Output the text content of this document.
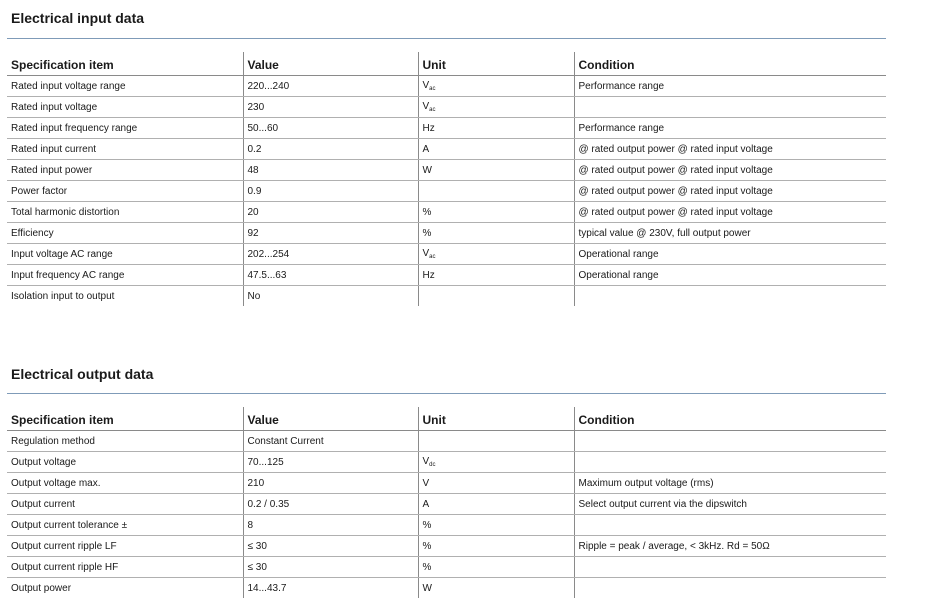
Electrical input data
Specification item	Value	Unit	Condition
Rated input voltage range	220...240	$V_{ac}$	Performance range
Rated input voltage	230	$V_{ac}$	
Rated input frequency range	50...60	Hz	Performance range
Rated input current	0.2	A	@ rated output power @ rated input voltage
Rated input power	48	W	@ rated output power @ rated input voltage
Power factor	0.9		@ rated output power @ rated input voltage
Total harmonic distortion	20	%	@ rated output power @ rated input voltage
Efficiency	92	%	typical value @ 230V, full output power
Input voltage AC range	202...254	$V_{ac}$	Operational range
Input frequency AC range	47.5...63	Hz	Operational range
Isolation input to output	No		
Electrical output data
Specification item	Value	Unit	Condition
Regulation method	Constant Current		
Output voltage	70...125	$V_{dc}$	
Output voltage max.	210	V	Maximum output voltage (rms)
Output current	0.2 / 0.35	A	Select output current via the dipswitch
Output current tolerance ±	8	%	
Output current ripple LF	≤ 30	%	Ripple = peak / average, < 3kHz. Rd = 50Ω
Output current ripple HF	≤ 30	%	
Output power	14...43.7	W	
